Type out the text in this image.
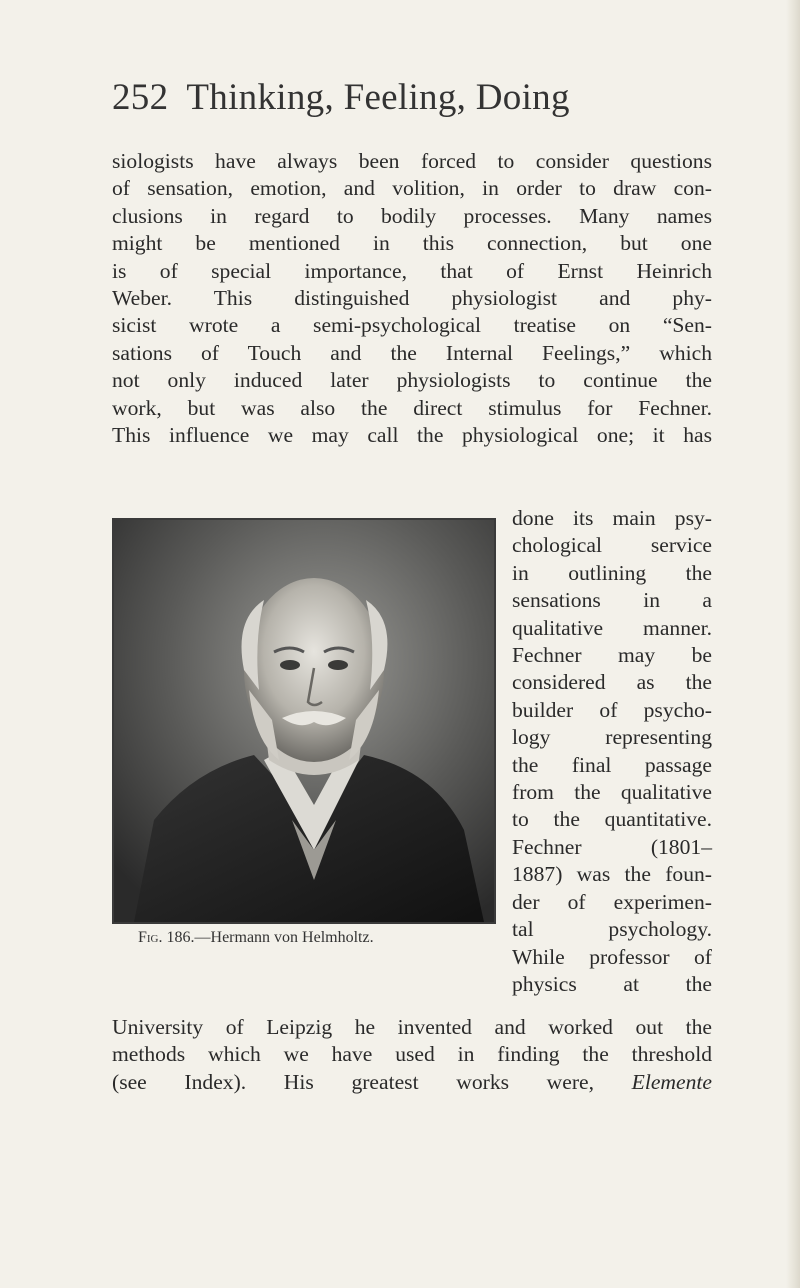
252 Thinking, Feeling, Doing
siologists have always been forced to consider questions
of sensation, emotion, and volition, in order to draw con-
clusions in regard to bodily processes. Many names
might be mentioned in this connection, but one
is of special importance, that of Ernst Heinrich
Weber. This distinguished physiologist and phy-
sicist wrote a semi-psychological treatise on “Sen-
sations of Touch and the Internal Feelings,” which
not only induced later physiologists to continue the
work, but was also the direct stimulus for Fechner.
This influence we may call the physiological one; it has
done its main psy-
chological service
in outlining the
sensations in a
qualitative manner.
Fechner may be
considered as the
builder of psycho-
logy representing
the final passage
from the qualitative
to the quantitative.
Fechner (1801–
1887) was the foun-
der of experimen-
tal psychology.
While professor of
physics at the
Fig. 186.—Hermann von Helmholtz.
University of Leipzig he invented and worked out the
methods which we have used in finding the threshold
(see Index). His greatest works were, Elemente
